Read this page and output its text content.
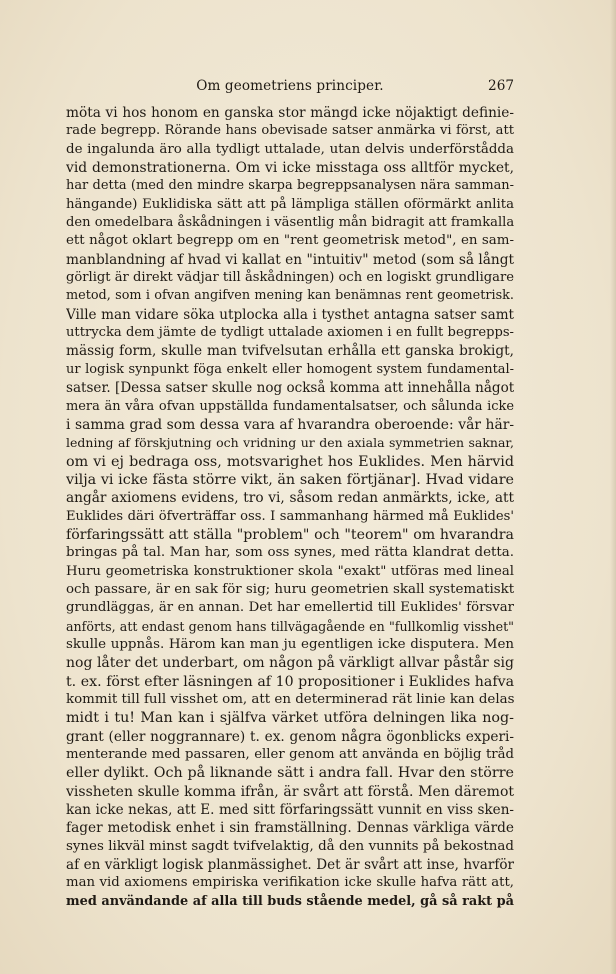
Om geometriens principer.	267
möta vi hos honom en ganska stor mängd icke nöjaktigt definie-
rade begrepp. Rörande hans obevisade satser anmärka vi först, att
de ingalunda äro alla tydligt uttalade, utan delvis underförstådda
vid demonstrationerna. Om vi icke misstaga oss alltför mycket,
har detta (med den mindre skarpa begreppsanalysen nära samman-
hängande) Euklidiska sätt att på lämpliga ställen oförmärkt anlita
den omedelbara åskådningen i väsentlig mån bidragit att framkalla
ett något oklart begrepp om en "rent geometrisk metod", en sam-
manblandning af hvad vi kallat en "intuitiv" metod (som så långt
görligt är direkt vädjar till åskådningen) och en logiskt grundligare
metod, som i ofvan angifven mening kan benämnas rent geometrisk.
Ville man vidare söka utplocka alla i tysthet antagna satser samt
uttrycka dem jämte de tydligt uttalade axiomen i en fullt begrepps-
mässig form, skulle man tvifvelsutan erhålla ett ganska brokigt,
ur logisk synpunkt föga enkelt eller homogent system fundamental-
satser. [Dessa satser skulle nog också komma att innehålla något
mera än våra ofvan uppställda fundamentalsatser, och sålunda icke
i samma grad som dessa vara af hvarandra oberoende: vår här-
ledning af förskjutning och vridning ur den axiala symmetrien saknar,
om vi ej bedraga oss, motsvarighet hos Euklides. Men härvid
vilja vi icke fästa större vikt, än saken förtjänar]. Hvad vidare
angår axiomens evidens, tro vi, såsom redan anmärkts, icke, att
Euklides däri öfverträffar oss. I sammanhang härmed må Euklides'
förfaringssätt att ställa "problem" och "teorem" om hvarandra
bringas på tal. Man har, som oss synes, med rätta klandrat detta.
Huru geometriska konstruktioner skola "exakt" utföras med lineal
och passare, är en sak för sig; huru geometrien skall systematiskt
grundläggas, är en annan. Det har emellertid till Euklides' försvar
anförts, att endast genom hans tillvägagående en "fullkomlig visshet"
skulle uppnås. Härom kan man ju egentligen icke disputera. Men
nog låter det underbart, om någon på värkligt allvar påstår sig
t. ex. först efter läsningen af 10 propositioner i Euklides hafva
kommit till full visshet om, att en determinerad rät linie kan delas
midt i tu! Man kan i själfva värket utföra delningen lika nog-
grant (eller noggrannare) t. ex. genom några ögonblicks experi-
menterande med passaren, eller genom att använda en böjlig tråd
eller dylikt. Och på liknande sätt i andra fall. Hvar den större
vissheten skulle komma ifrån, är svårt att förstå. Men däremot
kan icke nekas, att E. med sitt förfaringssätt vunnit en viss sken-
fager metodisk enhet i sin framställning. Dennas värkliga värde
synes likväl minst sagdt tvifvelaktig, då den vunnits på bekostnad
af en värkligt logisk planmässighet. Det är svårt att inse, hvarför
man vid axiomens empiriska verifikation icke skulle hafva rätt att,
med användande af alla till buds stående medel, gå så rakt på
